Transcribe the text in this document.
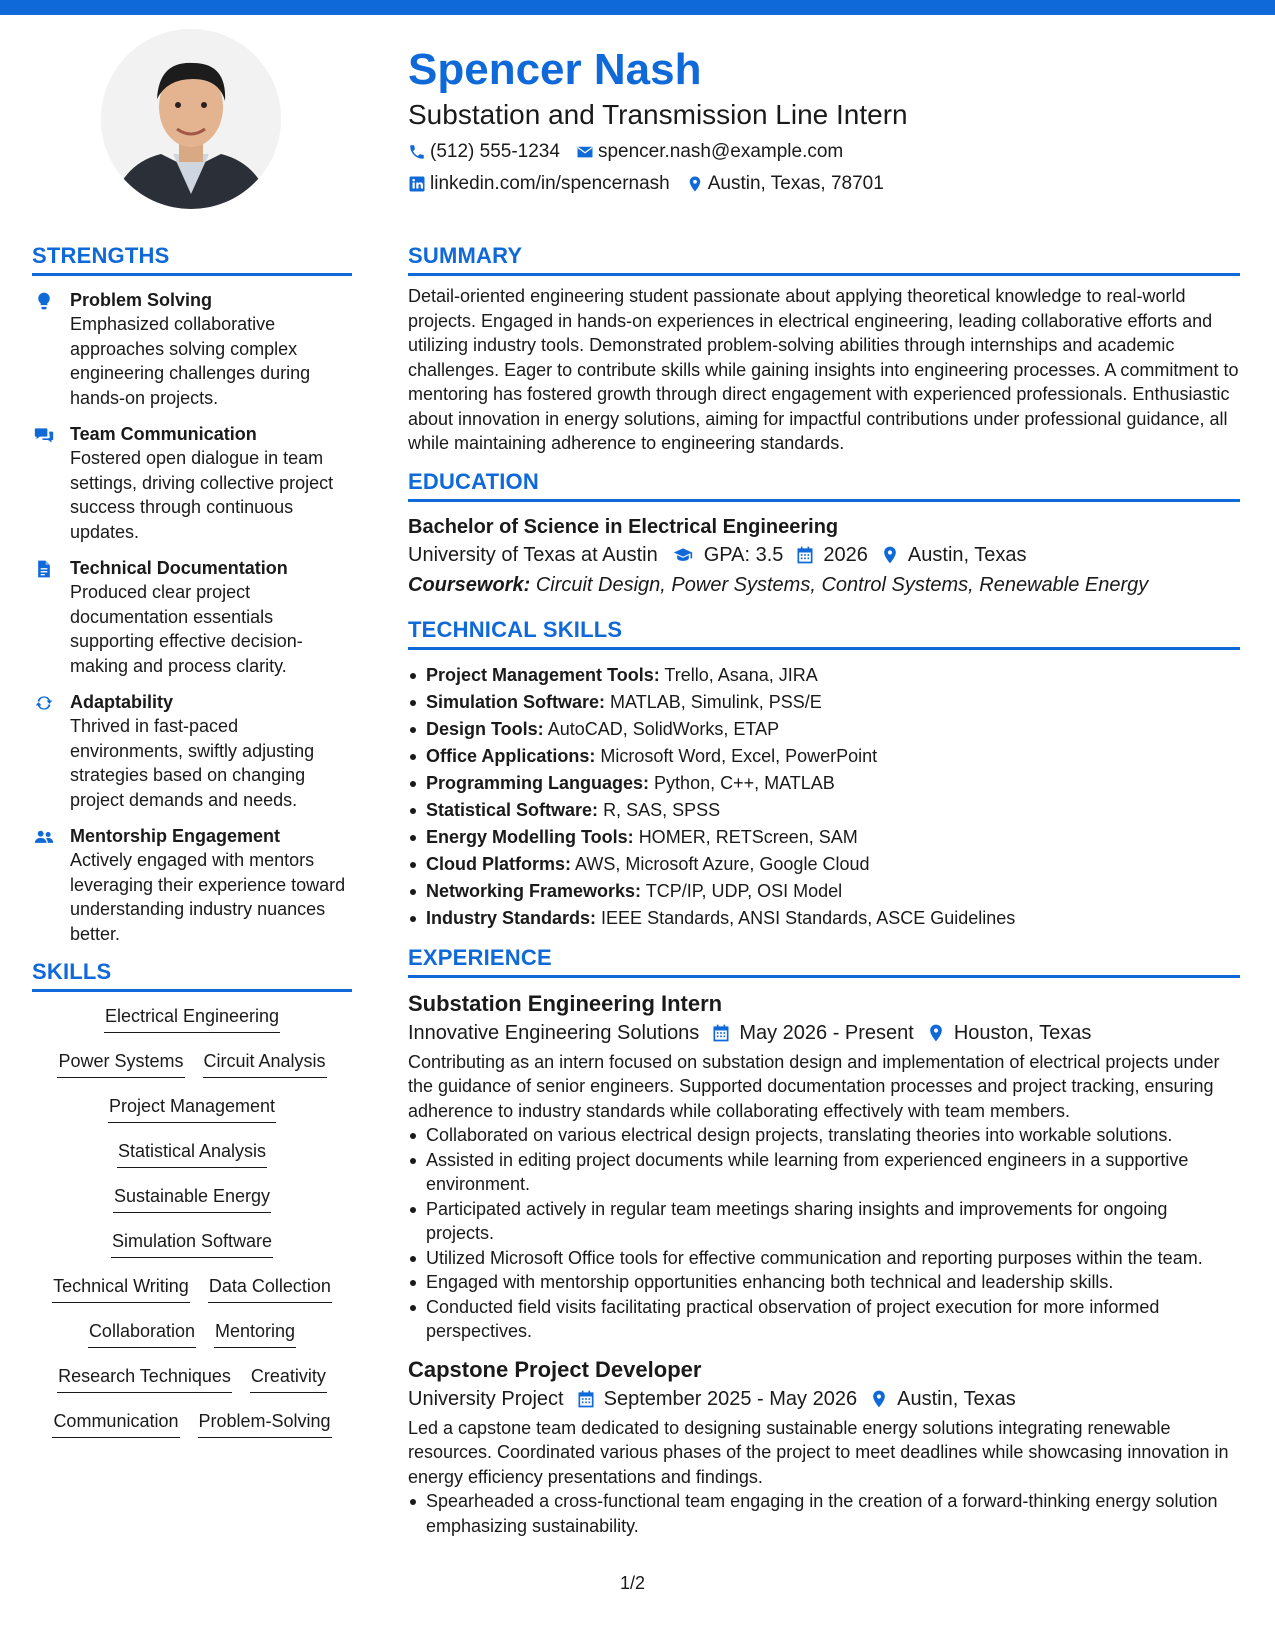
Spencer Nash
Substation and Transmission Line Intern
(512) 555-1234 spencer.nash@example.com
linkedin.com/in/spencernash Austin, Texas, 78701
STRENGTHS
Problem Solving
Emphasized collaborative approaches solving complex engineering challenges during hands-on projects.
Team Communication
Fostered open dialogue in team settings, driving collective project success through continuous updates.
Technical Documentation
Produced clear project documentation essentials supporting effective decision-making and process clarity.
Adaptability
Thrived in fast-paced environments, swiftly adjusting strategies based on changing project demands and needs.
Mentorship Engagement
Actively engaged with mentors leveraging their experience toward understanding industry nuances better.
SKILLS
Electrical Engineering
Power Systems Circuit Analysis
Project Management
Statistical Analysis
Sustainable Energy
Simulation Software
Technical Writing Data Collection
Collaboration Mentoring
Research Techniques Creativity
Communication Problem-Solving
SUMMARY
Detail-oriented engineering student passionate about applying theoretical knowledge to real-world projects. Engaged in hands-on experiences in electrical engineering, leading collaborative efforts and utilizing industry tools. Demonstrated problem-solving abilities through internships and academic challenges. Eager to contribute skills while gaining insights into engineering processes. A commitment to mentoring has fostered growth through direct engagement with experienced professionals. Enthusiastic about innovation in energy solutions, aiming for impactful contributions under professional guidance, all while maintaining adherence to engineering standards.
EDUCATION
Bachelor of Science in Electrical Engineering
University of Texas at Austin GPA: 3.5 2026 Austin, Texas
Coursework: Circuit Design, Power Systems, Control Systems, Renewable Energy
TECHNICAL SKILLS
Project Management Tools: Trello, Asana, JIRA
Simulation Software: MATLAB, Simulink, PSS/E
Design Tools: AutoCAD, SolidWorks, ETAP
Office Applications: Microsoft Word, Excel, PowerPoint
Programming Languages: Python, C++, MATLAB
Statistical Software: R, SAS, SPSS
Energy Modelling Tools: HOMER, RETScreen, SAM
Cloud Platforms: AWS, Microsoft Azure, Google Cloud
Networking Frameworks: TCP/IP, UDP, OSI Model
Industry Standards: IEEE Standards, ANSI Standards, ASCE Guidelines
EXPERIENCE
Substation Engineering Intern
Innovative Engineering Solutions May 2026 - Present Houston, Texas
Contributing as an intern focused on substation design and implementation of electrical projects under the guidance of senior engineers. Supported documentation processes and project tracking, ensuring adherence to industry standards while collaborating effectively with team members.
Collaborated on various electrical design projects, translating theories into workable solutions.
Assisted in editing project documents while learning from experienced engineers in a supportive environment.
Participated actively in regular team meetings sharing insights and improvements for ongoing projects.
Utilized Microsoft Office tools for effective communication and reporting purposes within the team.
Engaged with mentorship opportunities enhancing both technical and leadership skills.
Conducted field visits facilitating practical observation of project execution for more informed perspectives.
Capstone Project Developer
University Project September 2025 - May 2026 Austin, Texas
Led a capstone team dedicated to designing sustainable energy solutions integrating renewable resources. Coordinated various phases of the project to meet deadlines while showcasing innovation in energy efficiency presentations and findings.
Spearheaded a cross-functional team engaging in the creation of a forward-thinking energy solution emphasizing sustainability.
1/2
